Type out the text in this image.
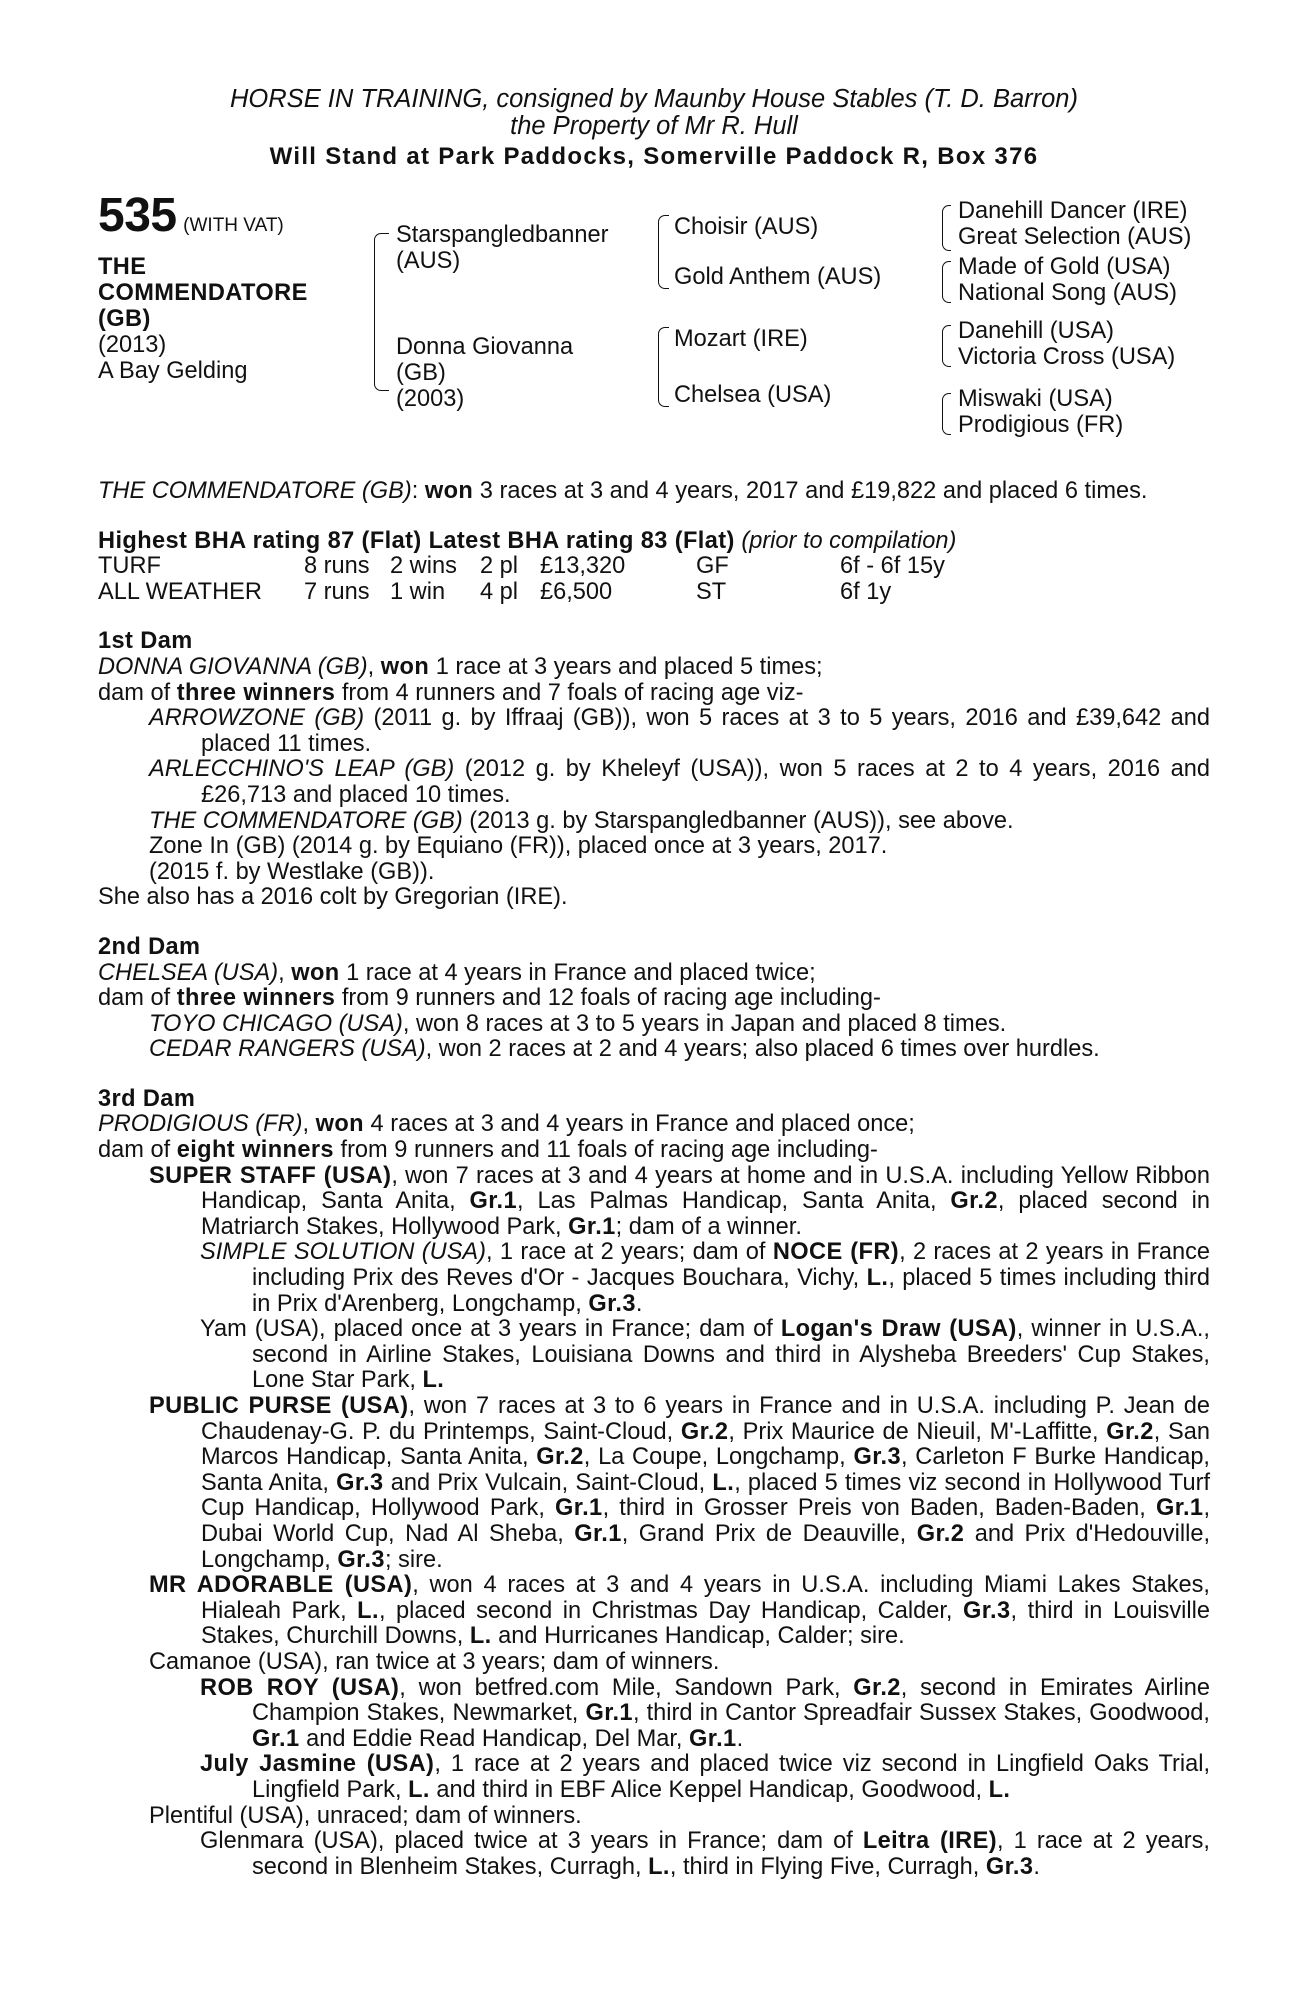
HORSE IN TRAINING, consigned by Maunby House Stables (T. D. Barron)
the Property of Mr R. Hull
Will Stand at Park Paddocks, Somerville Paddock R, Box 376
535 (WITH VAT)
THE
COMMENDATORE
(GB)
(2013)
A Bay Gelding
Starspangledbanner
(AUS)
Donna Giovanna
(GB)
(2003)
Choisir (AUS)
Gold Anthem (AUS)
Mozart (IRE)
Chelsea (USA)
Danehill Dancer (IRE)
Great Selection (AUS)
Made of Gold (USA)
National Song (AUS)
Danehill (USA)
Victoria Cross (USA)
Miswaki (USA)
Prodigious (FR)
THE COMMENDATORE (GB): won 3 races at 3 and 4 years, 2017 and £19,822 and placed 6 times.
Highest BHA rating 87 (Flat) Latest BHA rating 83 (Flat) (prior to compilation)
TURF	8 runs 2 wins 2 pl £13,320	GF	6f - 6f 15y
ALL WEATHER	7 runs 1 win	4 pl £6,500	ST	6f 1y
1st Dam
DONNA GIOVANNA (GB), won 1 race at 3 years and placed 5 times;
dam of three winners from 4 runners and 7 foals of racing age viz-
ARROWZONE (GB) (2011 g. by Iffraaj (GB)), won 5 races at 3 to 5 years, 2016 and £39,642 and placed 11 times.
ARLECCHINO'S LEAP (GB) (2012 g. by Kheleyf (USA)), won 5 races at 2 to 4 years, 2016 and £26,713 and placed 10 times.
THE COMMENDATORE (GB) (2013 g. by Starspangledbanner (AUS)), see above.
Zone In (GB) (2014 g. by Equiano (FR)), placed once at 3 years, 2017.
(2015 f. by Westlake (GB)).
She also has a 2016 colt by Gregorian (IRE).
2nd Dam
CHELSEA (USA), won 1 race at 4 years in France and placed twice;
dam of three winners from 9 runners and 12 foals of racing age including-
TOYO CHICAGO (USA), won 8 races at 3 to 5 years in Japan and placed 8 times.
CEDAR RANGERS (USA), won 2 races at 2 and 4 years; also placed 6 times over hurdles.
3rd Dam
PRODIGIOUS (FR), won 4 races at 3 and 4 years in France and placed once;
dam of eight winners from 9 runners and 11 foals of racing age including-
SUPER STAFF (USA), won 7 races at 3 and 4 years at home and in U.S.A. including Yellow Ribbon Handicap, Santa Anita, Gr.1, Las Palmas Handicap, Santa Anita, Gr.2, placed second in Matriarch Stakes, Hollywood Park, Gr.1; dam of a winner.
SIMPLE SOLUTION (USA), 1 race at 2 years; dam of NOCE (FR), 2 races at 2 years in France including Prix des Reves d'Or - Jacques Bouchara, Vichy, L., placed 5 times including third in Prix d'Arenberg, Longchamp, Gr.3.
Yam (USA), placed once at 3 years in France; dam of Logan's Draw (USA), winner in U.S.A., second in Airline Stakes, Louisiana Downs and third in Alysheba Breeders' Cup Stakes, Lone Star Park, L.
PUBLIC PURSE (USA), won 7 races at 3 to 6 years in France and in U.S.A. including P. Jean de Chaudenay-G. P. du Printemps, Saint-Cloud, Gr.2, Prix Maurice de Nieuil, M'-Laffitte, Gr.2, San Marcos Handicap, Santa Anita, Gr.2, La Coupe, Longchamp, Gr.3, Carleton F Burke Handicap, Santa Anita, Gr.3 and Prix Vulcain, Saint-Cloud, L., placed 5 times viz second in Hollywood Turf Cup Handicap, Hollywood Park, Gr.1, third in Grosser Preis von Baden, Baden-Baden, Gr.1, Dubai World Cup, Nad Al Sheba, Gr.1, Grand Prix de Deauville, Gr.2 and Prix d'Hedouville, Longchamp, Gr.3; sire.
MR ADORABLE (USA), won 4 races at 3 and 4 years in U.S.A. including Miami Lakes Stakes, Hialeah Park, L., placed second in Christmas Day Handicap, Calder, Gr.3, third in Louisville Stakes, Churchill Downs, L. and Hurricanes Handicap, Calder; sire.
Camanoe (USA), ran twice at 3 years; dam of winners.
ROB ROY (USA), won betfred.com Mile, Sandown Park, Gr.2, second in Emirates Airline Champion Stakes, Newmarket, Gr.1, third in Cantor Spreadfair Sussex Stakes, Goodwood, Gr.1 and Eddie Read Handicap, Del Mar, Gr.1.
July Jasmine (USA), 1 race at 2 years and placed twice viz second in Lingfield Oaks Trial, Lingfield Park, L. and third in EBF Alice Keppel Handicap, Goodwood, L.
Plentiful (USA), unraced; dam of winners.
Glenmara (USA), placed twice at 3 years in France; dam of Leitra (IRE), 1 race at 2 years, second in Blenheim Stakes, Curragh, L., third in Flying Five, Curragh, Gr.3.
